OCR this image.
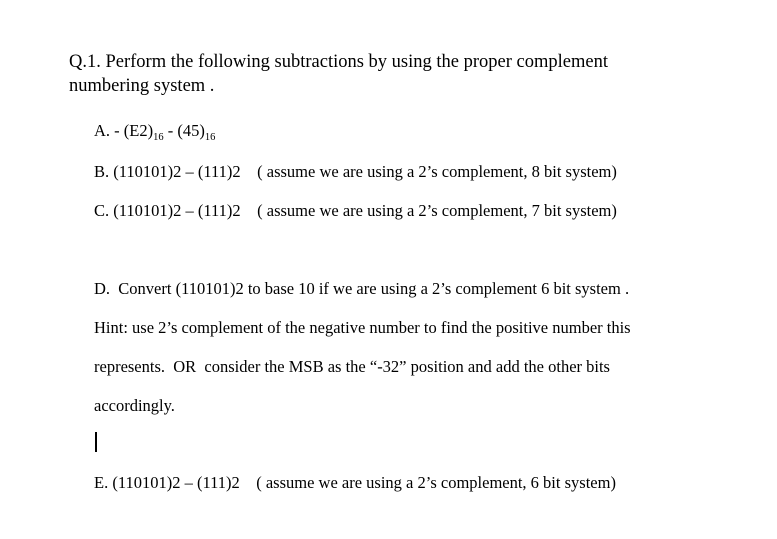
Q.1. Perform the following subtractions by using the proper complement numbering system .

A. - $(E2)_{16} - (45)_{16}$

B. (110101)2 – (111)2    ( assume we are using a 2’s complement, 8 bit system)

C. (110101)2 – (111)2    ( assume we are using a 2’s complement, 7 bit system)

D.  Convert (110101)2 to base 10 if we are using a 2’s complement 6 bit system .

Hint: use 2’s complement of the negative number to find the positive number this

represents.  OR  consider the MSB as the “-32” position and add the other bits

accordingly.

E. (110101)2 – (111)2    ( assume we are using a 2’s complement, 6 bit system)
